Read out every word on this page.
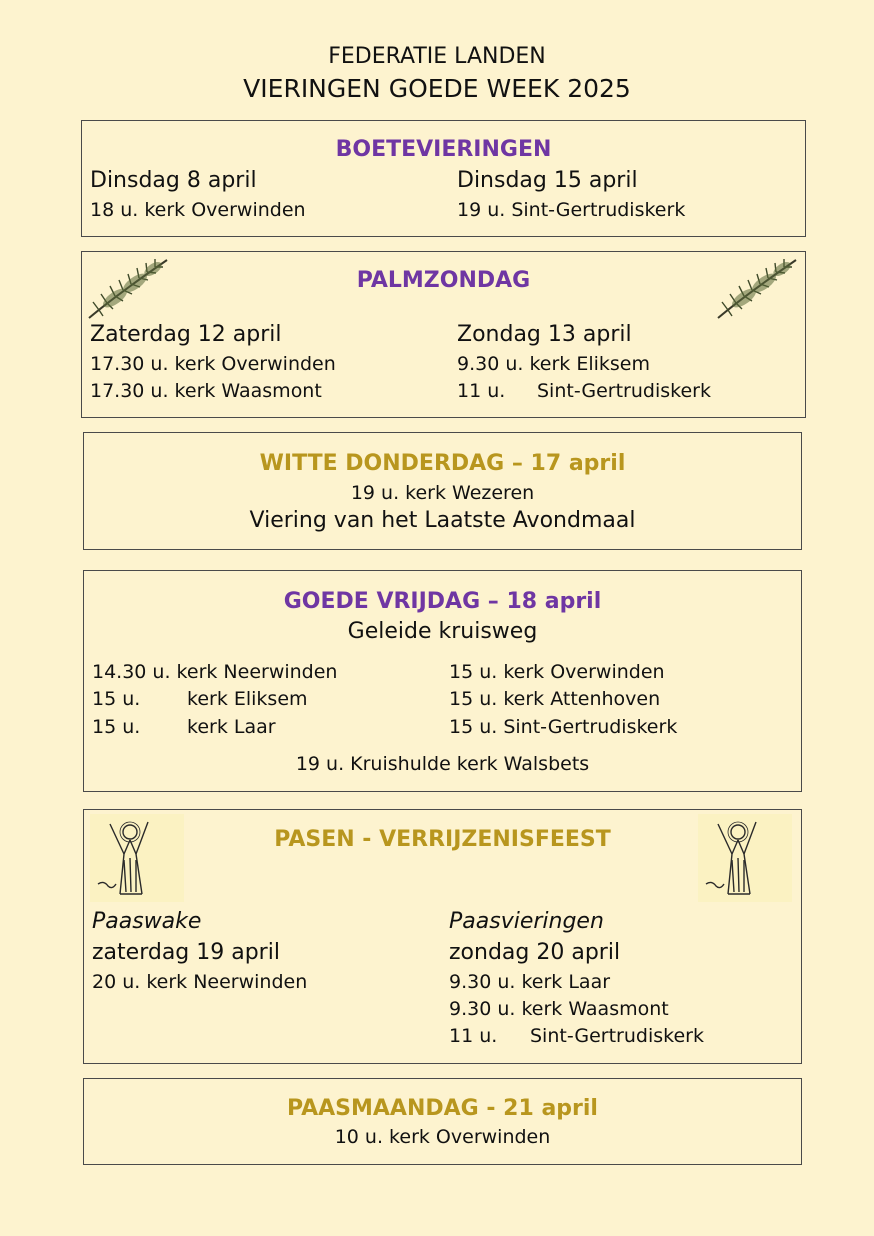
FEDERATIE LANDEN
VIERINGEN GOEDE WEEK 2025
BOETEVIERINGEN
Dinsdag 8 april
18 u. kerk Overwinden
Dinsdag 15 april
19 u. Sint-Gertrudiskerk
PALMZONDAG
Zaterdag 12 april
17.30 u. kerk Overwinden
17.30 u. kerk Waasmont
Zondag 13 april
9.30 u. kerk Eliksem
11 u. Sint-Gertrudiskerk
WITTE DONDERDAG – 17 april
19 u. kerk Wezeren
Viering van het Laatste Avondmaal
GOEDE VRIJDAG – 18 april
Geleide kruisweg
14.30 u. kerk Neerwinden
15 u. kerk Eliksem
15 u. kerk Laar
15 u. kerk Overwinden
15 u. kerk Attenhoven
15 u. Sint-Gertrudiskerk
19 u. Kruishulde kerk Walsbets
PASEN - VERRIJZENISFEEST
Paaswake
zaterdag 19 april
20 u. kerk Neerwinden
Paasvieringen
zondag 20 april
9.30 u. kerk Laar
9.30 u. kerk Waasmont
11 u. Sint-Gertrudiskerk
PAASMAANDAG - 21 april
10 u. kerk Overwinden
